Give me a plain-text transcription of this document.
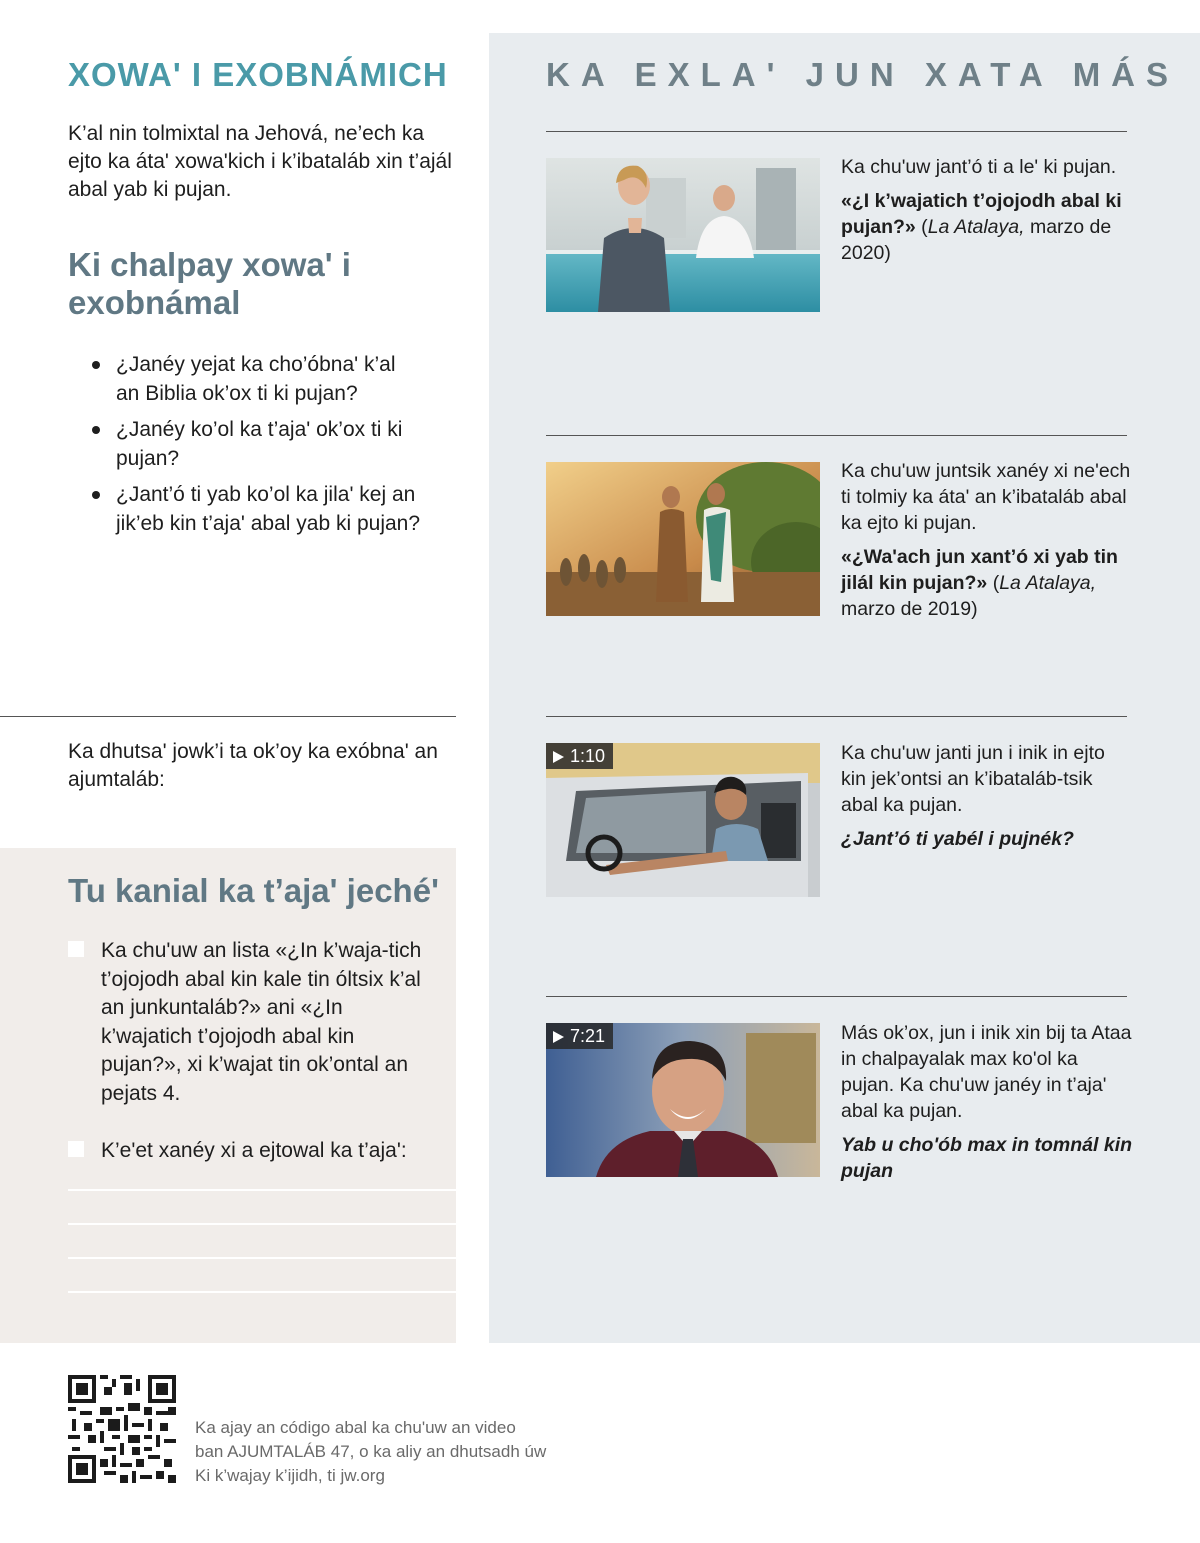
XOWA' I EXOBNÁMICH

K’al nin tolmixtal na Jehová, ne’ech ka ejto ka áta' xowa'kich i k’ibataláb xin t’ajál abal yab ki pujan.

Ki chalpay xowa' i exobnámal
¿Janéy yejat ka cho’óbna' k’al an Biblia ok’ox ti ki pujan?
¿Janéy ko’ol ka t’aja' ok’ox ti ki pujan?
¿Jant’ó ti yab ko’ol ka jila' kej an jik’eb kin t’aja' abal yab ki pujan?

Ka dhutsa' jowk’i ta ok’oy ka exóbna' an ajumtaláb:

Tu kanial ka t’aja' jeché'
Ka chu'uw an lista «¿In k’waja-tich t’ojojodh abal kin kale tin óltsix k’al an junkuntaláb?» ani «¿In k’wajatich t’ojojodh abal kin pujan?», xi k’wajat tin ok’ontal an pejats 4.
K’e'et xanéy xi a ejtowal ka t’aja':
KA EXLA' JUN XATA MÁS
Ka chu'uw jant’ó ti a le' ki pujan.
«¿I k’wajatich t’ojojodh abal ki pujan?» (La Atalaya, marzo de 2020)
Ka chu'uw juntsik xanéy xi ne'ech ti tolmiy ka áta' an k’ibataláb abal ka ejto ki pujan.
«¿Wa'ach jun xant’ó xi yab tin jilál kin pujan?» (La Atalaya, marzo de 2019)
1:10	Ka chu'uw janti jun i inik in ejto kin jek’ontsi an k’ibataláb-tsik abal ka pujan.
¿Jant’ó ti yabél i pujnék?
7:21	Más ok’ox, jun i inik xin bij ta Ataa in chalpayalak max ko'ol ka pujan. Ka chu'uw janéy in t’aja' abal ka pujan.
Yab u cho'ób max in tomnál kin pujan
Ka ajay an código abal ka chu'uw an video
ban AJUMTALÁB 47, o ka aliy an dhutsadh úw
Ki k’wajay k’ijidh, ti jw.org
